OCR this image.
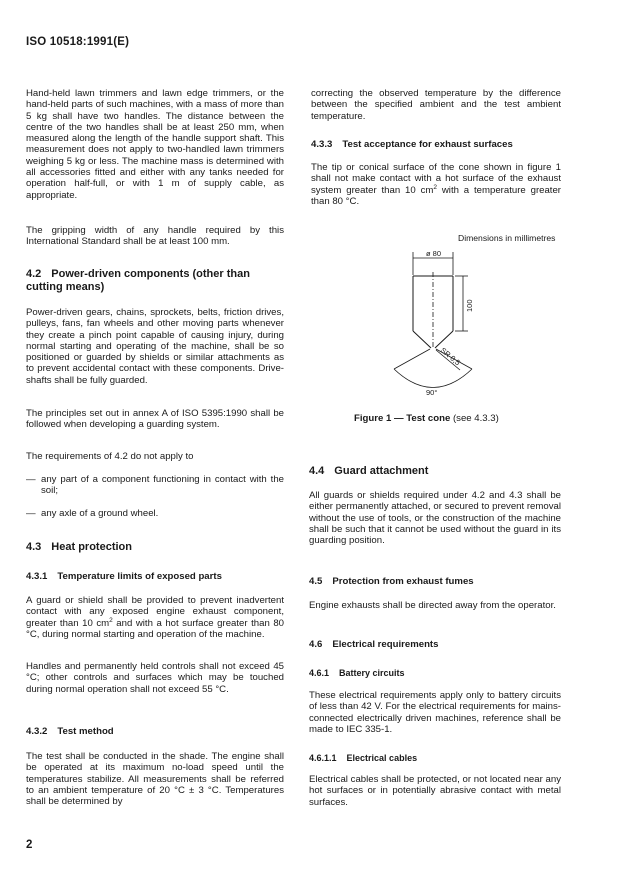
ISO 10518:1991(E)

Hand-held lawn trimmers and lawn edge trimmers, or the hand-held parts of such machines, with a mass of more than 5 kg shall have two handles. The distance between the centre of the two handles shall be at least 250 mm, when measured along the length of the handle support shaft. This measurement does not apply to two-handled lawn trimmers weighing 5 kg or less. The machine mass is determined with all accessories fitted and either with any tanks needed for operation half-full, or with 1 m of supply cable, as appropriate.

The gripping width of any handle required by this International Standard shall be at least 100 mm.

4.2 Power-driven components (other than cutting means)

Power-driven gears, chains, sprockets, belts, friction drives, pulleys, fans, fan wheels and other moving parts whenever they create a pinch point capable of causing injury, during normal starting and operating of the machine, shall be so positioned or guarded by shields or similar attachments as to prevent accidental contact with these components. Drive-shafts shall be fully guarded.

The principles set out in annex A of ISO 5395:1990 shall be followed when developing a guarding system.

The requirements of 4.2 do not apply to

— any part of a component functioning in contact with the soil;
— any axle of a ground wheel.
4.3 Heat protection
4.3.1 Temperature limits of exposed parts

A guard or shield shall be provided to prevent inadvertent contact with any exposed engine exhaust component, greater than 10 $cm^2$ and with a hot surface greater than 80 °C, during normal starting and operation of the machine.

Handles and permanently held controls shall not exceed 45 °C; other controls and surfaces which may be touched during normal operation shall not exceed 55 °C.

4.3.2 Test method

The test shall be conducted in the shade. The engine shall be operated at its maximum no-load speed until the temperatures stabilize. All measurements shall be referred to an ambient temperature of 20 °C ± 3 °C. Temperatures shall be determined by

correcting the observed temperature by the difference between the specified ambient and the test ambient temperature.

4.3.3 Test acceptance for exhaust surfaces

The tip or conical surface of the cone shown in figure 1 shall not make contact with a hot surface of the exhaust system greater than 10 $cm^2$ with a temperature greater than 80 °C.

Dimensions in millimetres
ø 80
100
SR 0,5
90°
Figure 1 — Test cone (see 4.3.3)
4.4 Guard attachment

All guards or shields required under 4.2 and 4.3 shall be either permanently attached, or secured to prevent removal without the use of tools, or the construction of the machine shall be such that it cannot be used without the guard in its guarding position.

4.5 Protection from exhaust fumes

Engine exhausts shall be directed away from the operator.

4.6 Electrical requirements
4.6.1 Battery circuits

These electrical requirements apply only to battery circuits of less than 42 V. For the electrical requirements for mains-connected electrically driven machines, reference shall be made to IEC 335-1.

4.6.1.1 Electrical cables

Electrical cables shall be protected, or not located near any hot surfaces or in potentially abrasive contact with metal surfaces.

2
